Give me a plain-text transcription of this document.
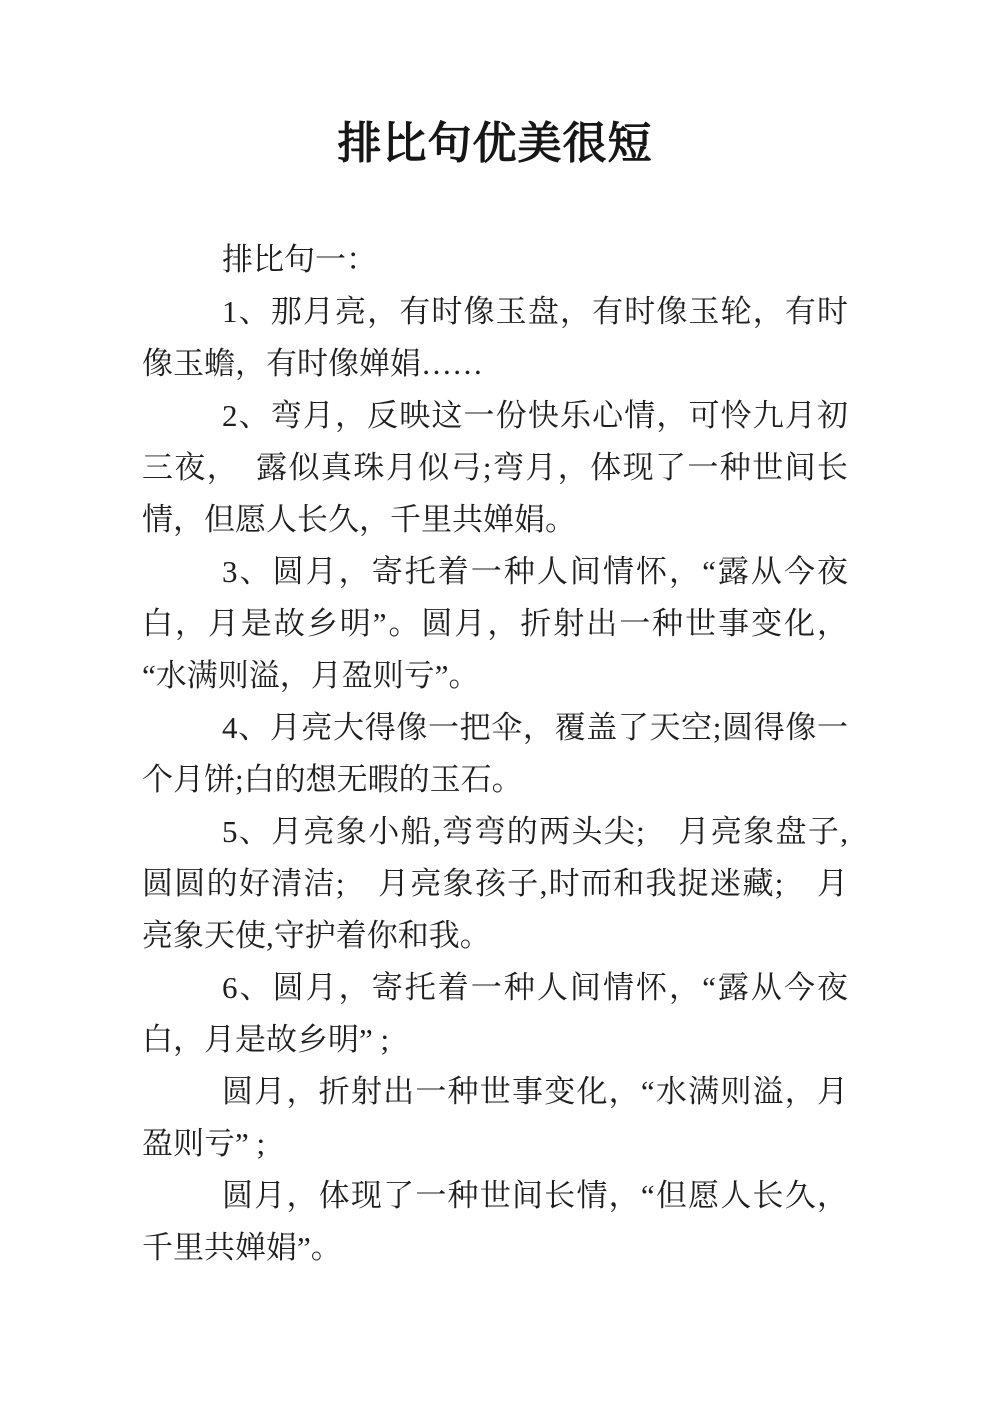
排比句优美很短

排比句一：

1、那月亮，有时像玉盘，有时像玉轮，有时像玉蟾，有时像婵娟……

2、弯月，反映这一份快乐心情，可怜九月初三夜，　露似真珠月似弓;弯月，体现了一种世间长情，但愿人长久，千里共婵娟。

3、圆月，寄托着一种人间情怀，“露从今夜白，月是故乡明”。圆月，折射出一种世事变化，“水满则溢，月盈则亏”。

4、月亮大得像一把伞，覆盖了天空;圆得像一个月饼;白的想无暇的玉石。

5、月亮象小船,弯弯的两头尖;　月亮象盘子,圆圆的好清洁;　月亮象孩子,时而和我捉迷藏;　月亮象天使,守护着你和我。

6、圆月，寄托着一种人间情怀，“露从今夜白，月是故乡明” ;

圆月，折射出一种世事变化，“水满则溢，月盈则亏” ;

圆月，体现了一种世间长情，“但愿人长久，千里共婵娟”。
